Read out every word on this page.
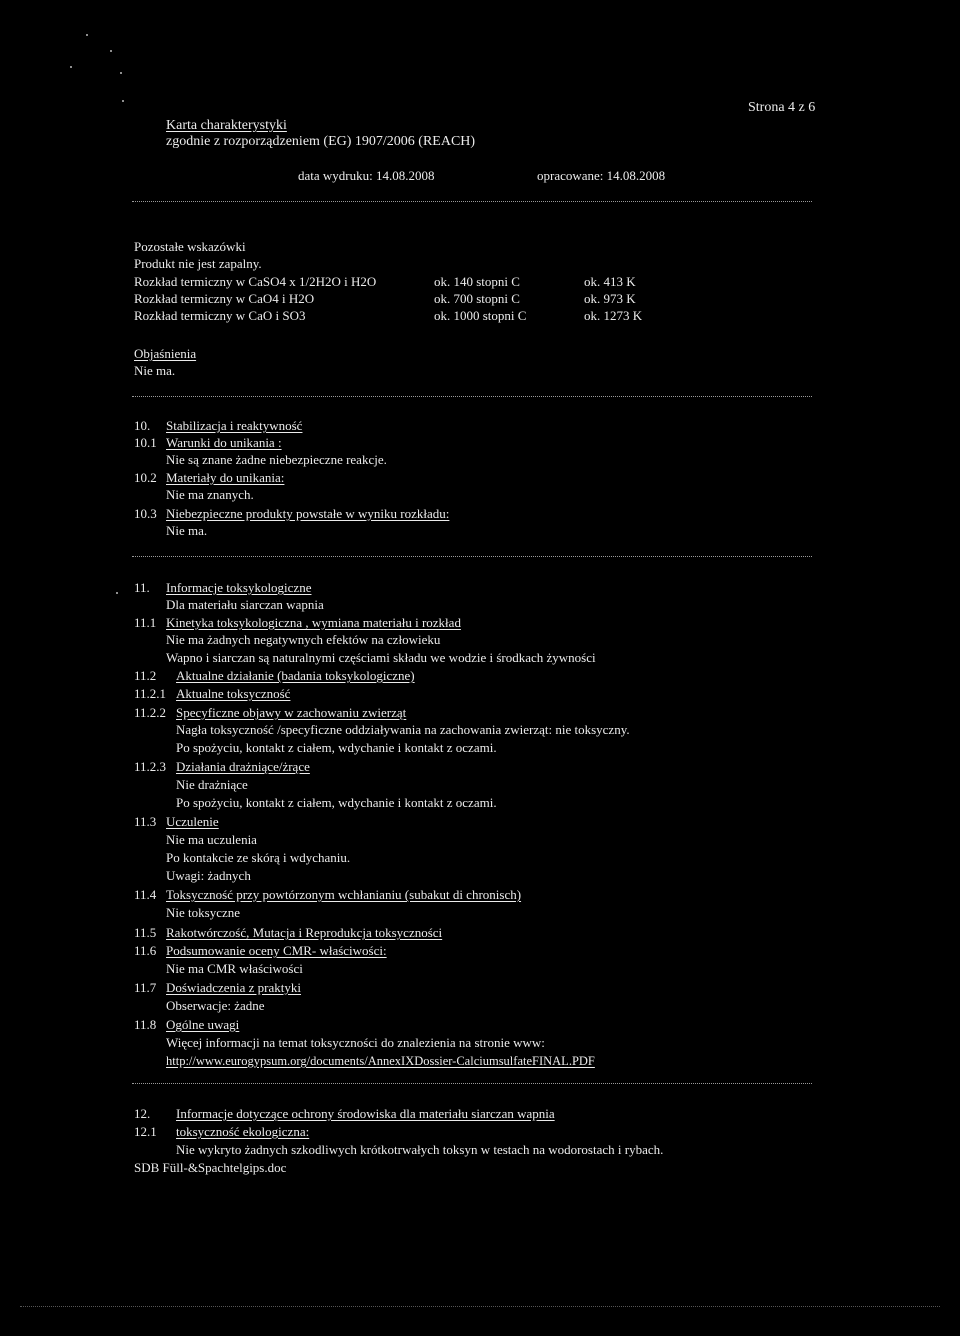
Karta charakterystyki
zgodnie z rozporządzeniem (EG) 1907/2006 (REACH)
Strona 4 z 6
data wydruku: 14.08.2008	opracowane: 14.08.2008
Pozostałe wskazówki
Produkt nie jest zapalny.
Rozkład termiczny w CaSO4 x 1/2H2O i H2O	ok. 140 stopni C	ok. 413 K
Rozkład termiczny w CaO4 i H2O	ok. 700 stopni C	ok. 973 K
Rozkład termiczny w CaO i SO3	ok. 1000 stopni C	ok. 1273 K
Objaśnienia
Nie ma.
10. Stabilizacja i reaktywność
10.1 Warunki do unikania :
Nie są znane żadne niebezpieczne reakcje.
10.2 Materiały do unikania:
Nie ma znanych.
10.3 Niebezpieczne produkty powstałe w wyniku rozkładu:
Nie ma.
11. Informacje toksykologiczne
Dla materiału siarczan wapnia
11.1 Kinetyka toksykologiczna , wymiana materiału i rozkład
Nie ma żadnych negatywnych efektów na człowieku
Wapno i siarczan są naturalnymi częściami składu we wodzie i środkach żywności
11.2 Aktualne działanie (badania toksykologiczne)
11.2.1 Aktualne toksyczność
11.2.2 Specyficzne objawy w zachowaniu zwierząt
Nagła toksyczność /specyficzne oddziaływania na zachowania zwierząt: nie toksyczny.
Po spożyciu, kontakt z ciałem, wdychanie i kontakt z oczami.
11.2.3 Działania drażniące/żrące
Nie drażniące
Po spożyciu, kontakt z ciałem, wdychanie i kontakt z oczami.
11.3 Uczulenie
Nie ma uczulenia
Po kontakcie ze skórą i wdychaniu.
Uwagi: żadnych
11.4 Toksyczność przy powtórzonym wchłanianiu (subakut di chronisch)
Nie toksyczne
11.5 Rakotwórczość, Mutacja i Reprodukcja toksyczności
11.6 Podsumowanie oceny CMR- właściwości:
Nie ma CMR właściwości
11.7 Doświadczenia z praktyki
Obserwacje: żadne
11.8 Ogólne uwagi
Więcej informacji na temat toksyczności do znalezienia na stronie www:
http://www.eurogypsum.org/documents/AnnexIXDossier-CalciumsulfateFINAL.PDF
12. Informacje dotyczące ochrony środowiska dla materiału siarczan wapnia
12.1 toksyczność ekologiczna:
Nie wykryto żadnych szkodliwych krótkotrwałych toksyn w testach na wodorostach i rybach.
SDB Füll-&Spachtelgips.doc
